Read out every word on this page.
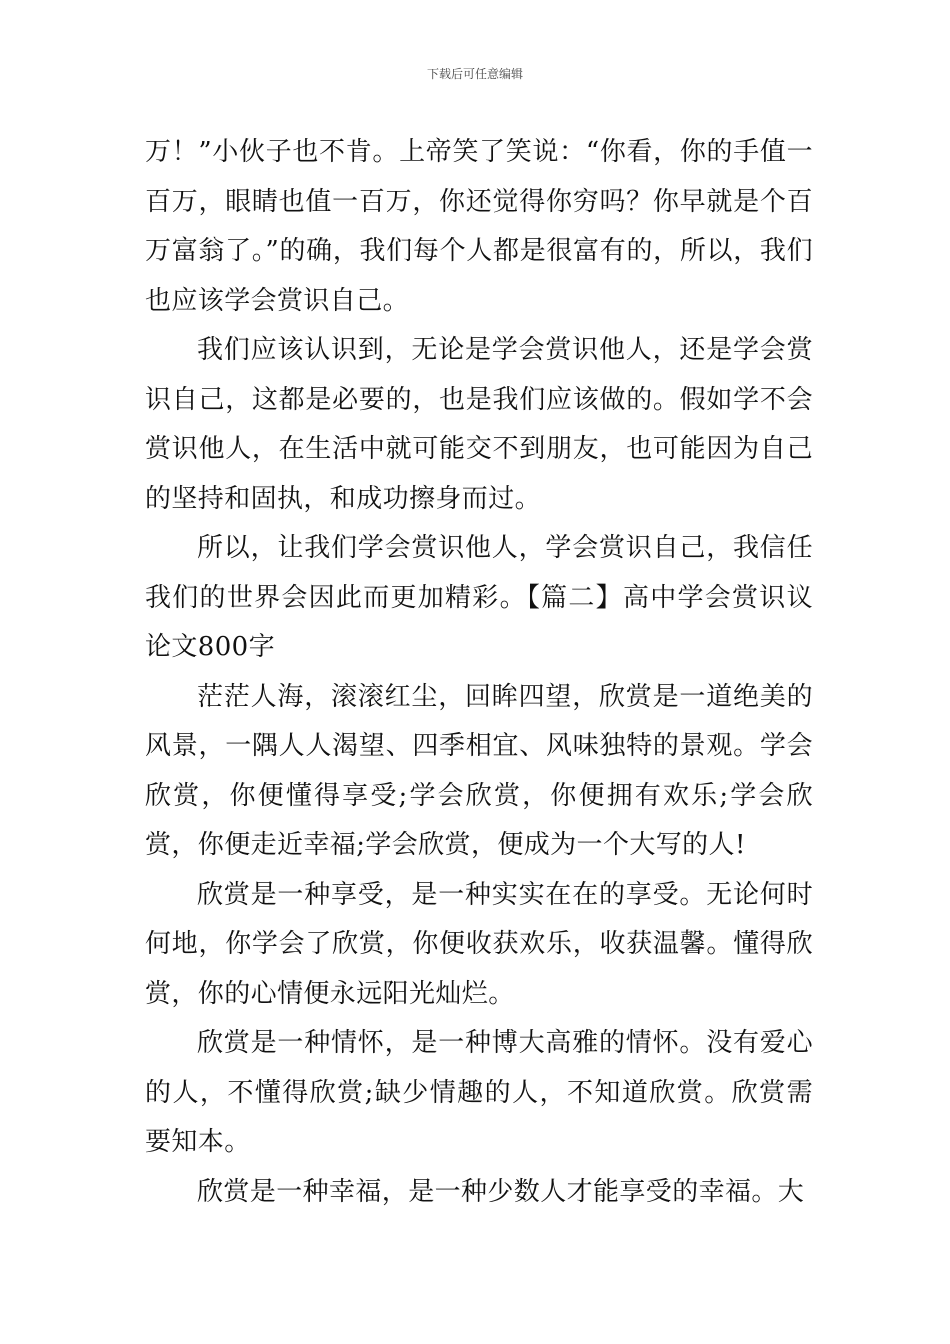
下载后可任意编辑

万！”小伙子也不肯。上帝笑了笑说：“你看，你的手值一百万，眼睛也值一百万，你还觉得你穷吗？你早就是个百万富翁了。”的确，我们每个人都是很富有的，所以，我们也应该学会赏识自己。

我们应该认识到，无论是学会赏识他人，还是学会赏识自己，这都是必要的，也是我们应该做的。假如学不会赏识他人，在生活中就可能交不到朋友，也可能因为自己的坚持和固执，和成功擦身而过。

所以，让我们学会赏识他人，学会赏识自己，我信任我们的世界会因此而更加精彩。【篇二】高中学会赏识议论文800字

茫茫人海，滚滚红尘，回眸四望，欣赏是一道绝美的风景，一隅人人渴望、四季相宜、风味独特的景观。学会欣赏，你便懂得享受;学会欣赏，你便拥有欢乐;学会欣赏，你便走近幸福;学会欣赏，便成为一个大写的人!

欣赏是一种享受，是一种实实在在的享受。无论何时何地，你学会了欣赏，你便收获欢乐，收获温馨。懂得欣赏，你的心情便永远阳光灿烂。

欣赏是一种情怀，是一种博大高雅的情怀。没有爱心的人，不懂得欣赏;缺少情趣的人，不知道欣赏。欣赏需要知本。

欣赏是一种幸福，是一种少数人才能享受的幸福。大
